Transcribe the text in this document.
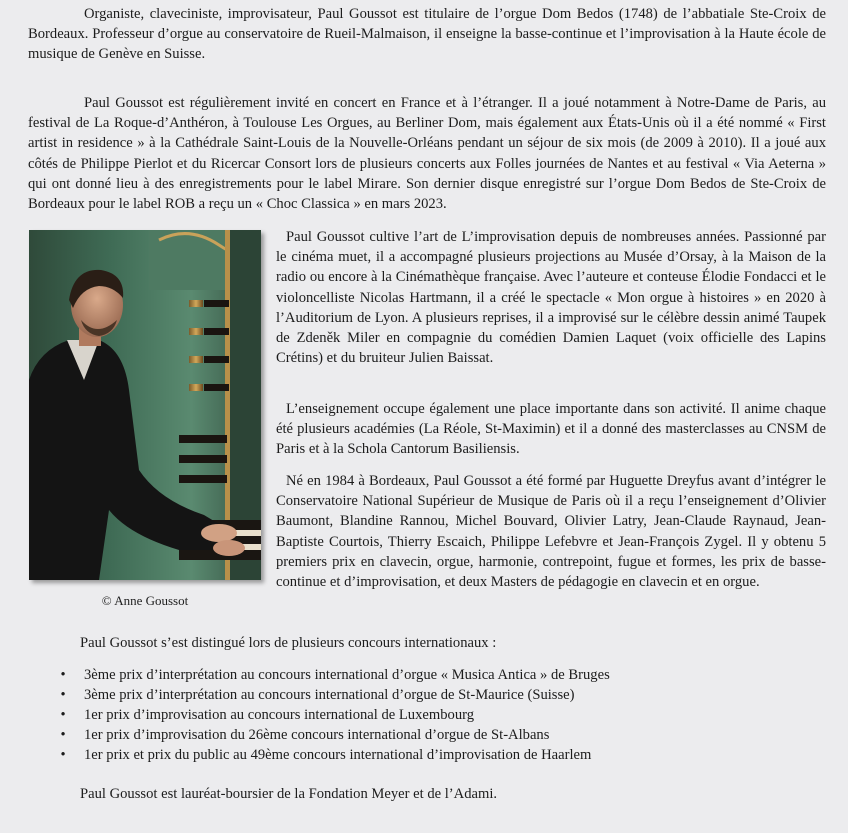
Organiste, claveciniste, improvisateur, Paul Goussot est titulaire de l’orgue Dom Bedos (1748) de l’abbatiale Ste-Croix de Bordeaux. Professeur d’orgue au conservatoire de Rueil-Malmaison, il enseigne la basse-continue et l’improvisation à la Haute école de musique de Genève en Suisse.

Paul Goussot est régulièrement invité en concert en France et à l’étranger. Il a joué notamment à Notre-Dame de Paris, au festival de La Roque-d’Anthéron, à Toulouse Les Orgues, au Berliner Dom, mais également aux États-Unis où il a été nommé « First artist in residence » à la Cathédrale Saint-Louis de la Nouvelle-Orléans pendant un séjour de six mois (de 2009 à 2010). Il a joué aux côtés de Philippe Pierlot et du Ricercar Consort lors de plusieurs concerts aux Folles journées de Nantes et au festival « Via Aeterna » qui ont donné lieu à des enregistrements pour le label Mirare. Son dernier disque enregistré sur l’orgue Dom Bedos de Ste-Croix de Bordeaux pour le label ROB a reçu un « Choc Classica » en mars 2023.

© Anne Goussot

Paul Goussot cultive l’art de L’improvisation depuis de nombreuses années. Passionné par le cinéma muet, il a accompagné plusieurs projections au Musée d’Orsay, à la Maison de la radio ou encore à la Cinémathèque française. Avec l’auteure et conteuse Élodie Fondacci et le violoncelliste Nicolas Hartmann, il a créé le spectacle « Mon orgue à histoires » en 2020 à l’Auditorium de Lyon. A plusieurs reprises, il a improvisé sur le célèbre dessin animé Taupek de Zdeněk Miler en compagnie du comédien Damien Laquet (voix officielle des Lapins Crétins) et du bruiteur Julien Baissat.

L’enseignement occupe également une place importante dans son activité. Il anime chaque été plusieurs académies (La Réole, St-Maximin) et il a donné des masterclasses au CNSM de Paris et à la Schola Cantorum Basiliensis.

Né en 1984 à Bordeaux, Paul Goussot a été formé par Huguette Dreyfus avant d’intégrer le Conservatoire National Supérieur de Musique de Paris où il a reçu l’enseignement d’Olivier Baumont, Blandine Rannou, Michel Bouvard, Olivier Latry, Jean-Claude Raynaud, Jean-Baptiste Courtois, Thierry Escaich, Philippe Lefebvre et Jean-François Zygel. Il y obtenu 5 premiers prix en clavecin, orgue, harmonie, contrepoint, fugue et formes, les prix de basse-continue et d’improvisation, et deux Masters de pédagogie en clavecin et en orgue.

Paul Goussot s’est distingué lors de plusieurs concours internationaux :

• 3ème prix d’interprétation au concours international d’orgue « Musica Antica » de Bruges
• 3ème prix d’interprétation au concours international d’orgue de St-Maurice (Suisse)
• 1er prix d’improvisation au concours international de Luxembourg
• 1er prix d’improvisation du 26ème concours international d’orgue de St-Albans
• 1er prix et prix du public au 49ème concours international d’improvisation de Haarlem

Paul Goussot est lauréat-boursier de la Fondation Meyer et de l’Adami.
